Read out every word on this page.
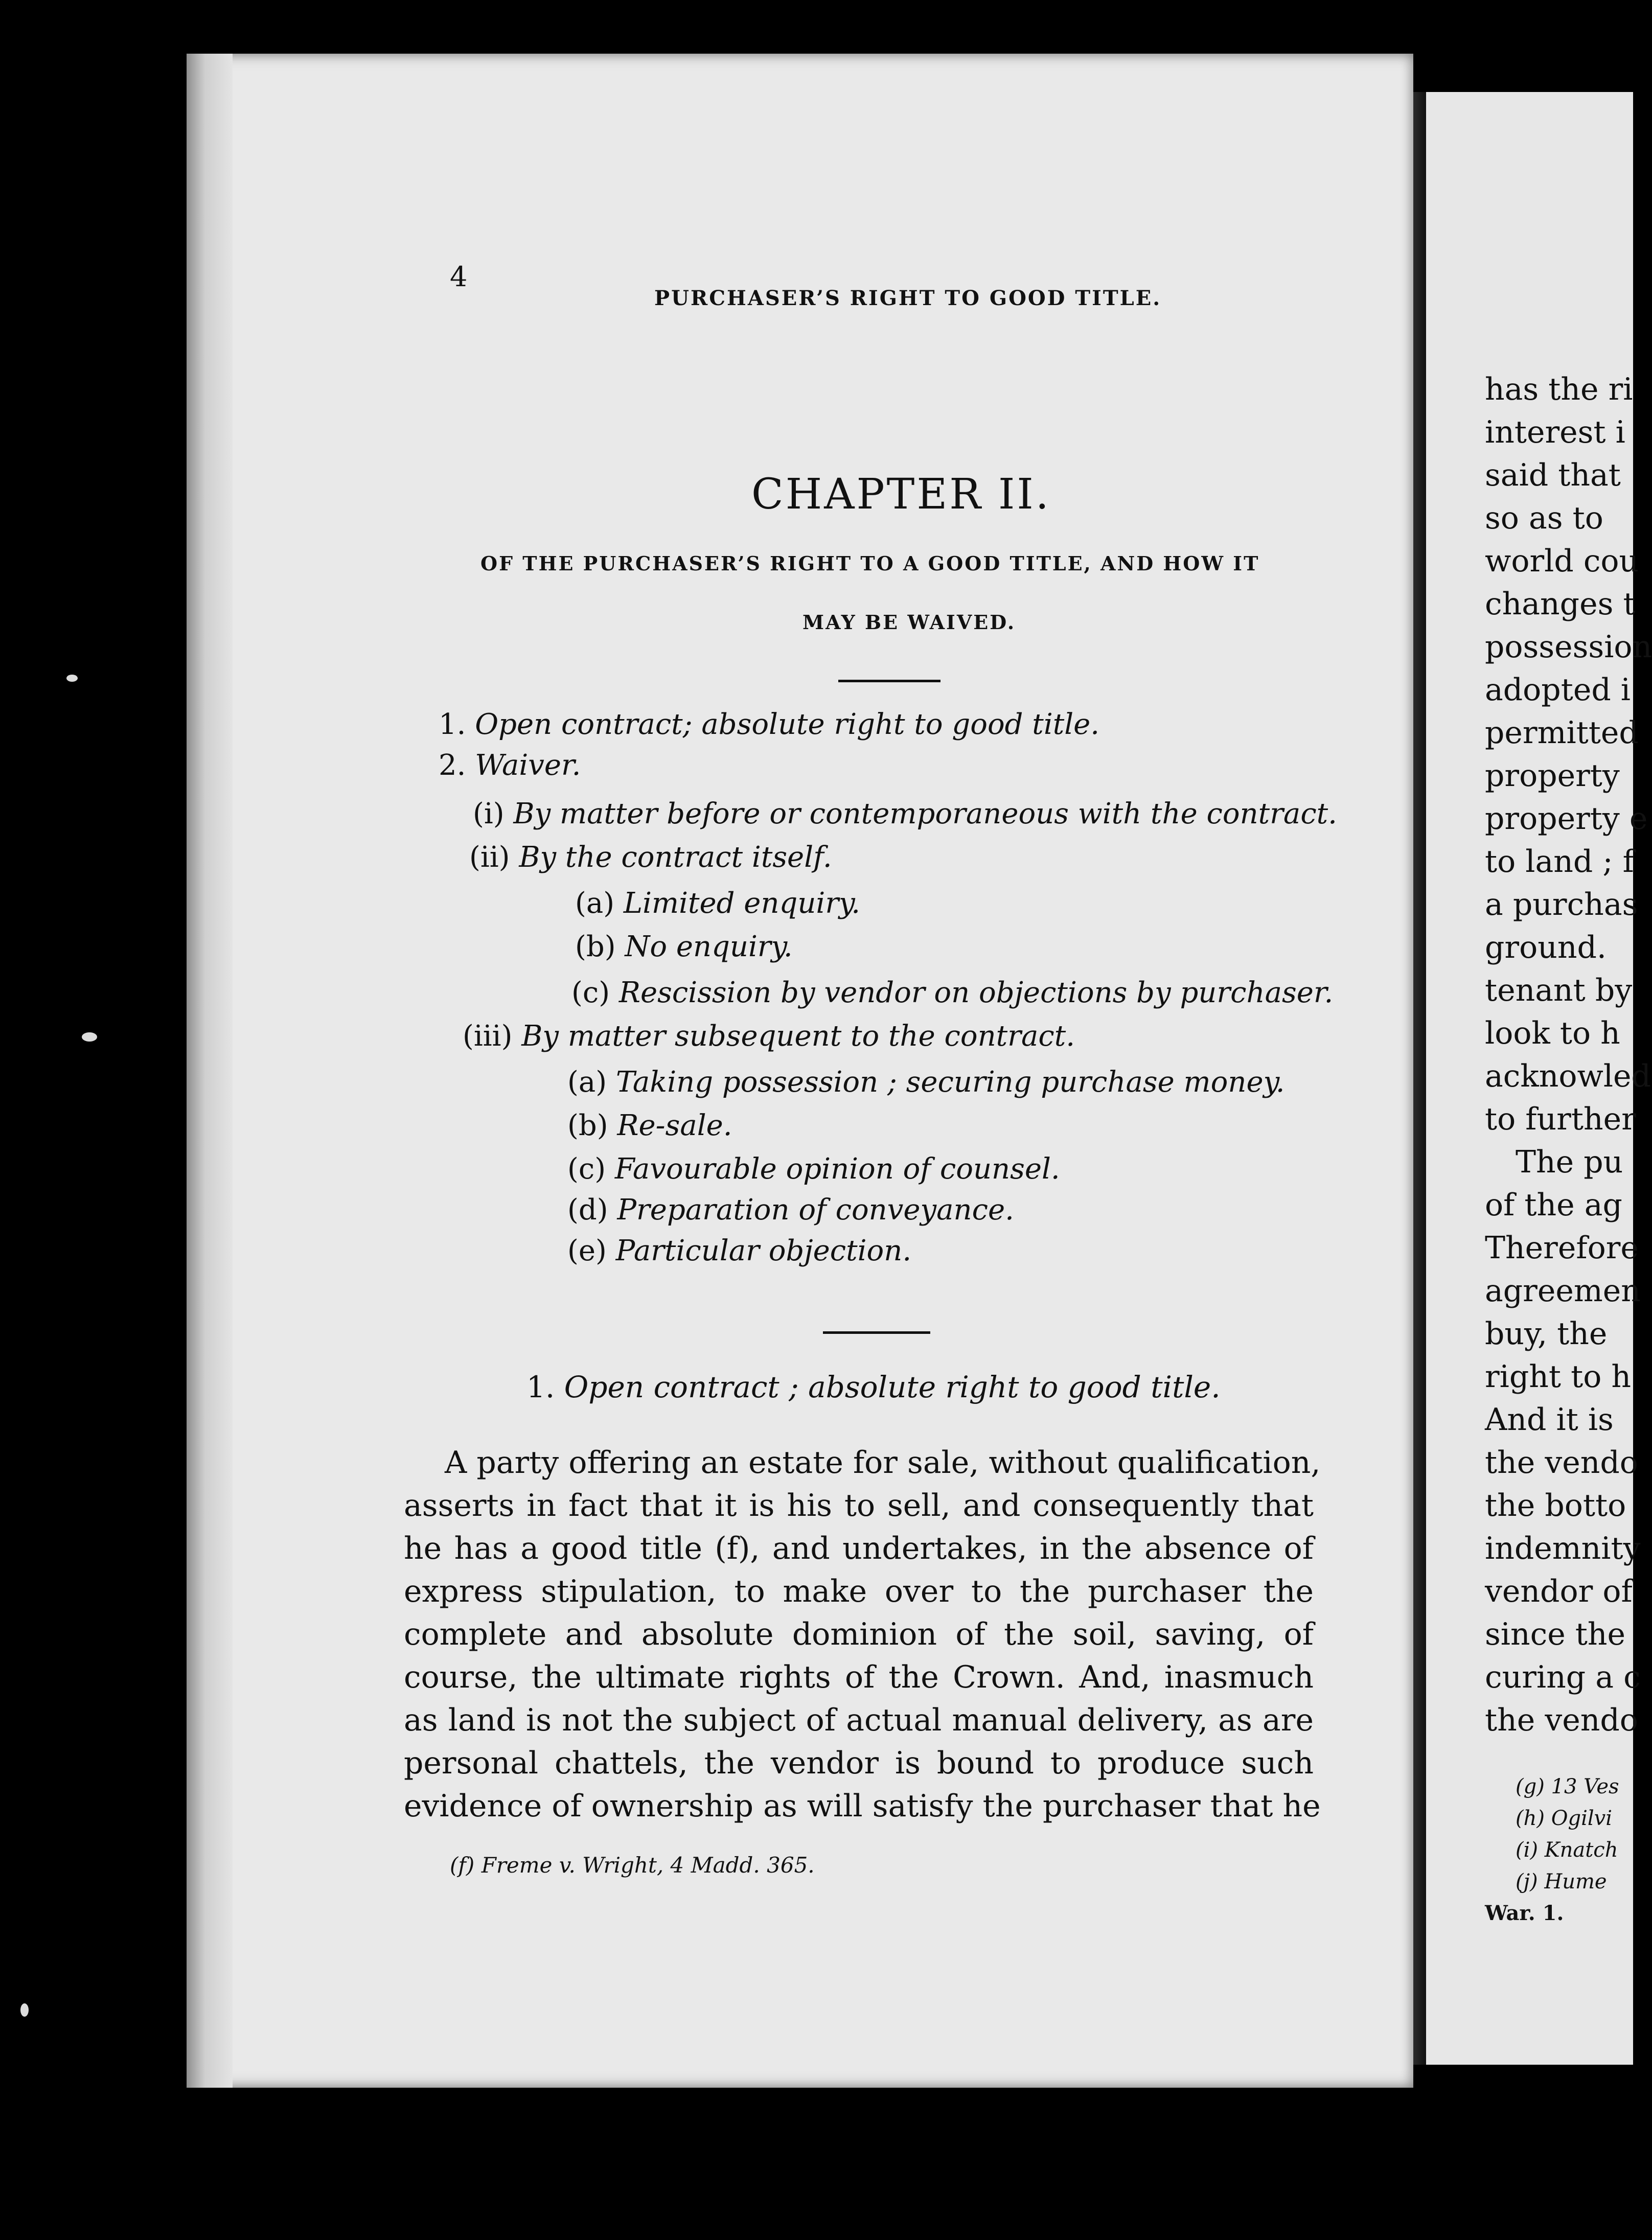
4
PURCHASER’S RIGHT TO GOOD TITLE.
CHAPTER II.
OF THE PURCHASER’S RIGHT TO A GOOD TITLE, AND HOW IT
MAY BE WAIVED.
1. Open contract; absolute right to good title.
2. Waiver.
(i) By matter before or contemporaneous with the contract.
(ii) By the contract itself.
(a) Limited enquiry.
(b) No enquiry.
(c) Rescission by vendor on objections by purchaser.
(iii) By matter subsequent to the contract.
(a) Taking possession ; securing purchase money.
(b) Re-sale.
(c) Favourable opinion of counsel.
(d) Preparation of conveyance.
(e) Particular objection.
1. Open contract ; absolute right to good title.
A party offering an estate for sale, without qualification,
asserts in fact that it is his to sell, and consequently that
he has a good title (f), and undertakes, in the absence of
express stipulation, to make over to the purchaser the
complete and absolute dominion of the soil, saving, of
course, the ultimate rights of the Crown. And, inasmuch
as land is not the subject of actual manual delivery, as are
personal chattels, the vendor is bound to produce such
evidence of ownership as will satisfy the purchaser that he
(f) Freme v. Wright, 4 Madd. 365.
has the ri
interest i
said that
so as to
world cou
changes t
possession
adopted i
permitted
property
property e
to land ; f
a purchas
ground.
tenant by
look to h
acknowled
to further
The pu
of the ag
Therefore
agreemen
buy, the
right to h
And it is
the vendo
the botto
indemnity
vendor of
since the
curing a c
the vendo
(g) 13 Ves
(h) Ogilvi
(i) Knatch
(j) Hume
War. 1.
